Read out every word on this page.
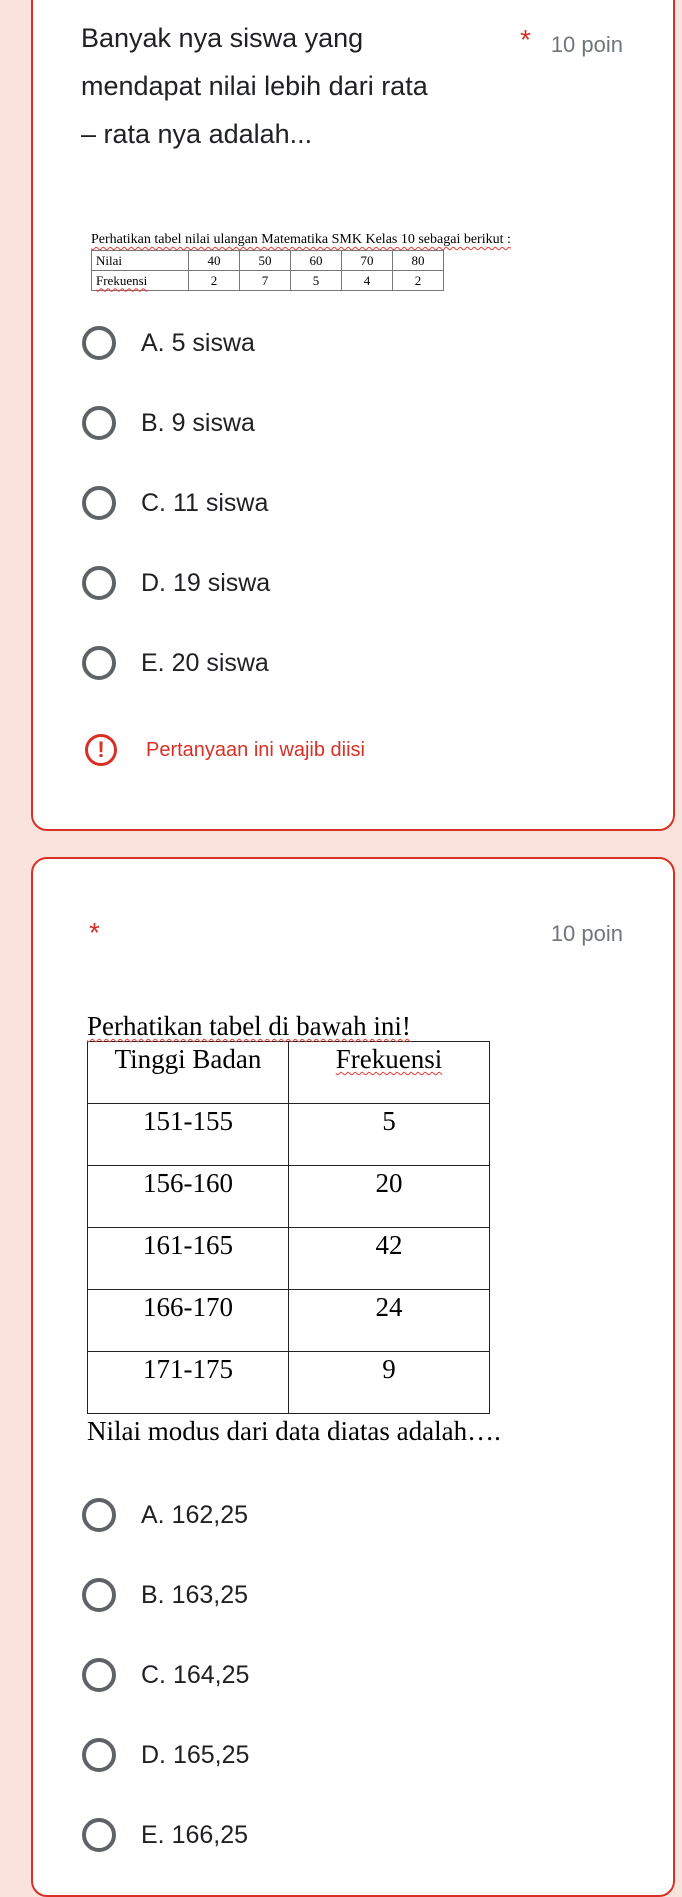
Banyak nya siswa yang
mendapat nilai lebih dari rata
– rata nya adalah...
* 10 poin
Perhatikan tabel nilai ulangan Matematika SMK Kelas 10 sebagai berikut :
Nilai	40	50	60	70	80
Frekuensi	2	7	5	4	2
A. 5 siswa
B. 9 siswa
C. 11 siswa
D. 19 siswa
E. 20 siswa
!	Pertanyaan ini wajib diisi
*	10 poin
Perhatikan tabel di bawah ini!
Tinggi Badan	Frekuensi
151-155	5
156-160	20
161-165	42
166-170	24
171-175	9
Nilai modus dari data diatas adalah….
A. 162,25
B. 163,25
C. 164,25
D. 165,25
E. 166,25
